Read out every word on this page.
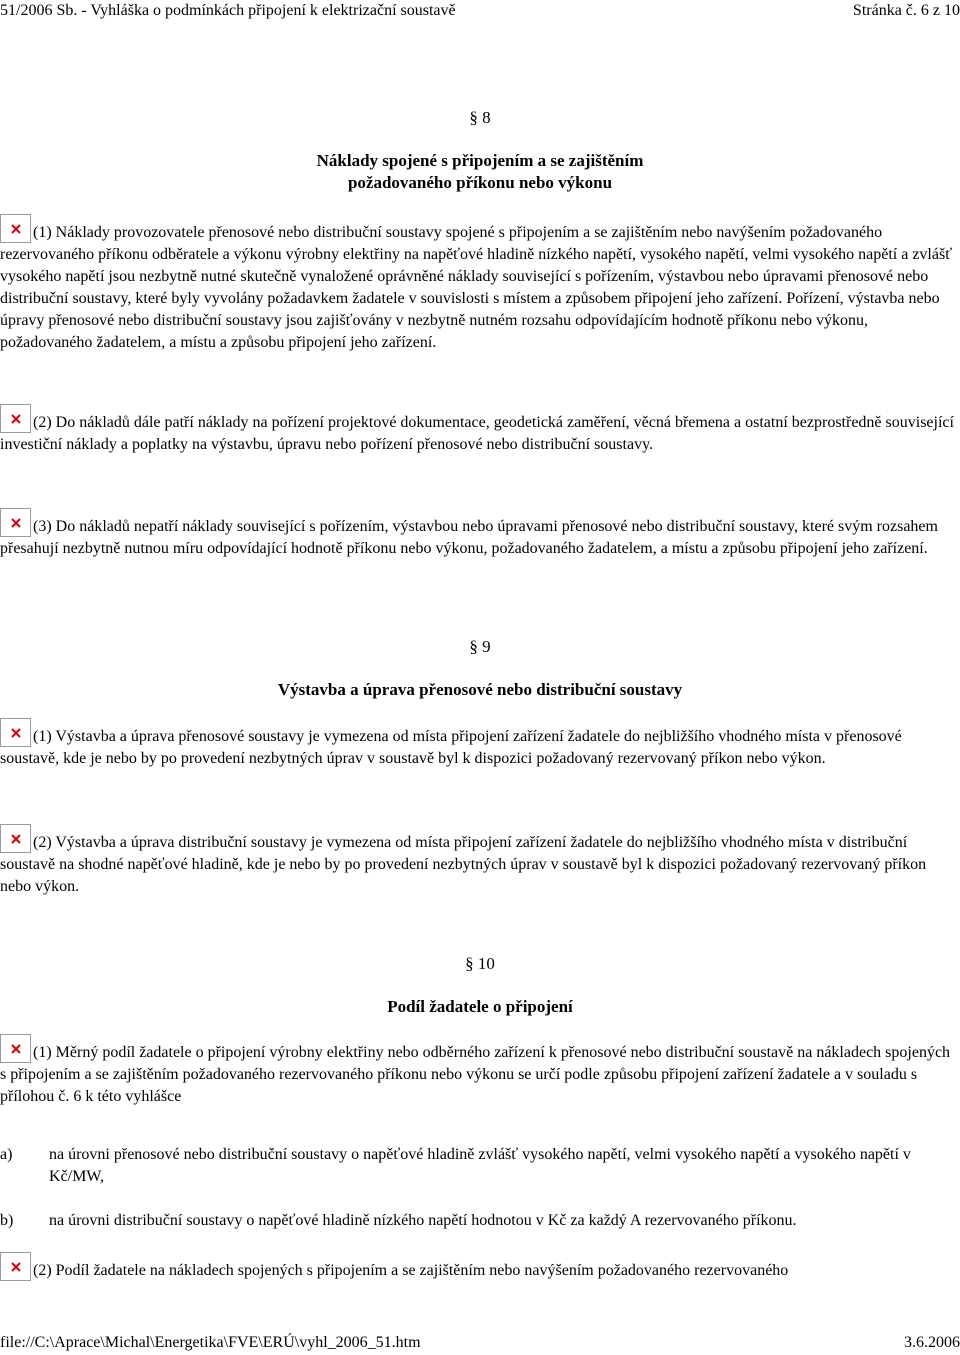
51/2006 Sb. - Vyhláška o podmínkách připojení k elektrizační soustavě	Stránka č. 6 z 10
§ 8
Náklady spojené s připojením a se zajištěním
požadovaného příkonu nebo výkonu
(1) Náklady provozovatele přenosové nebo distribuční soustavy spojené s připojením a se zajištěním nebo navýšením požadovaného rezervovaného příkonu odběratele a výkonu výrobny elektřiny na napěťové hladině nízkého napětí, vysokého napětí, velmi vysokého napětí a zvlášť vysokého napětí jsou nezbytně nutné skutečně vynaložené oprávněné náklady související s pořízením, výstavbou nebo úpravami přenosové nebo distribuční soustavy, které byly vyvolány požadavkem žadatele v souvislosti s místem a způsobem připojení jeho zařízení. Pořízení, výstavba nebo úpravy přenosové nebo distribuční soustavy jsou zajišťovány v nezbytně nutném rozsahu odpovídajícím hodnotě příkonu nebo výkonu, požadovaného žadatelem, a místu a způsobu připojení jeho zařízení.
(2) Do nákladů dále patří náklady na pořízení projektové dokumentace, geodetická zaměření, věcná břemena a ostatní bezprostředně související investiční náklady a poplatky na výstavbu, úpravu nebo pořízení přenosové nebo distribuční soustavy.
(3) Do nákladů nepatří náklady související s pořízením, výstavbou nebo úpravami přenosové nebo distribuční soustavy, které svým rozsahem přesahují nezbytně nutnou míru odpovídající hodnotě příkonu nebo výkonu, požadovaného žadatelem, a místu a způsobu připojení jeho zařízení.
§ 9
Výstavba a úprava přenosové nebo distribuční soustavy
(1) Výstavba a úprava přenosové soustavy je vymezena od místa připojení zařízení žadatele do nejbližšího vhodného místa v přenosové soustavě, kde je nebo by po provedení nezbytných úprav v soustavě byl k dispozici požadovaný rezervovaný příkon nebo výkon.
(2) Výstavba a úprava distribuční soustavy je vymezena od místa připojení zařízení žadatele do nejbližšího vhodného místa v distribuční soustavě na shodné napěťové hladině, kde je nebo by po provedení nezbytných úprav v soustavě byl k dispozici požadovaný rezervovaný příkon nebo výkon.
§ 10
Podíl žadatele o připojení
(1) Měrný podíl žadatele o připojení výrobny elektřiny nebo odběrného zařízení k přenosové nebo distribuční soustavě na nákladech spojených s připojením a se zajištěním požadovaného rezervovaného příkonu nebo výkonu se určí podle způsobu připojení zařízení žadatele a v souladu s přílohou č. 6 k této vyhlášce
a) na úrovni přenosové nebo distribuční soustavy o napěťové hladině zvlášť vysokého napětí, velmi vysokého napětí a vysokého napětí v Kč/MW,
b) na úrovni distribuční soustavy o napěťové hladině nízkého napětí hodnotou v Kč za každý A rezervovaného příkonu.
(2) Podíl žadatele na nákladech spojených s připojením a se zajištěním nebo navýšením požadovaného rezervovaného
file://C:\Aprace\Michal\Energetika\FVE\ERÚ\vyhl_2006_51.htm	3.6.2006
